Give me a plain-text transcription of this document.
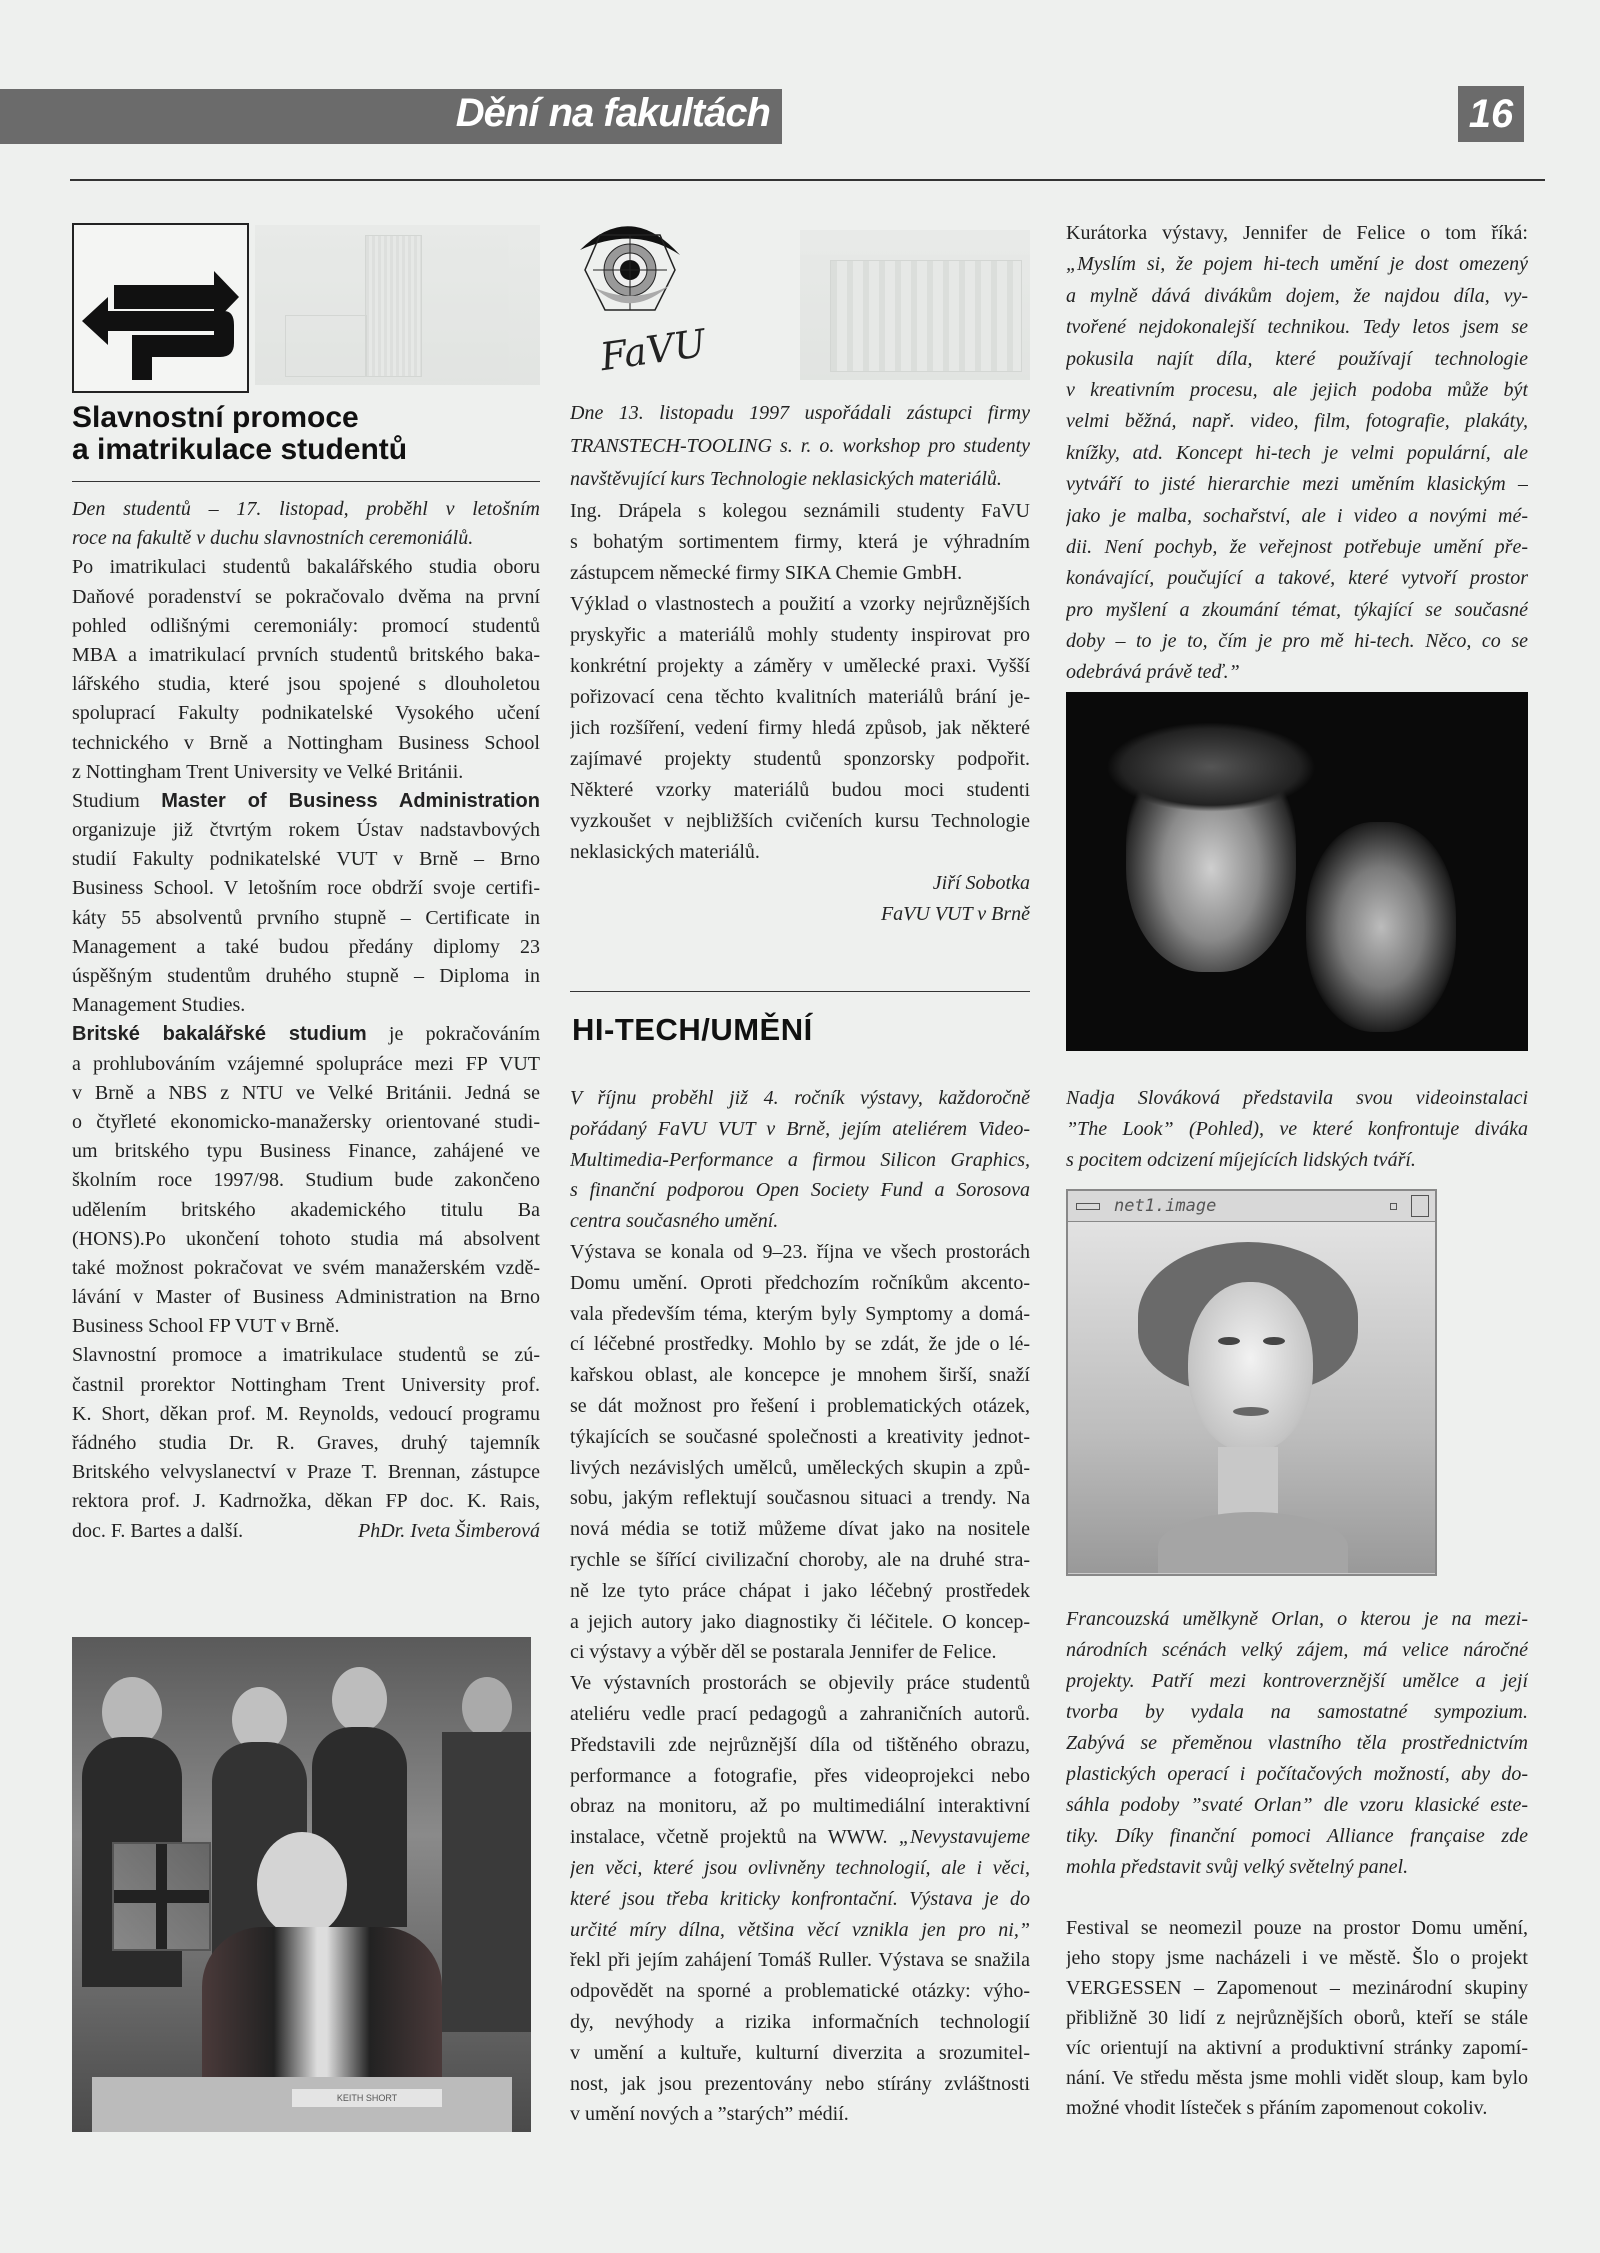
Dění na fakultách	16
Slavnostní promoce
a imatrikulace studentů
Den studentů – 17. listopad, proběhl v letošním
roce na fakultě v duchu slavnostních ceremoniálů.
Po imatrikulaci studentů bakalářského studia oboru
Daňové poradenství se pokračovalo dvěma na první
pohled odlišnými ceremoniály: promocí studentů
MBA a imatrikulací prvních studentů britského baka-
lářského studia, které jsou spojené s dlouholetou
spoluprací Fakulty podnikatelské Vysokého učení
technického v Brně a Nottingham Business School
z Nottingham Trent University ve Velké Británii.
Studium Master of Business Administration
organizuje již čtvrtým rokem Ústav nadstavbových
studií Fakulty podnikatelské VUT v Brně – Brno
Business School. V letošním roce obdrží svoje certifi-
káty 55 absolventů prvního stupně – Certificate in
Management a také budou předány diplomy 23
úspěšným studentům druhého stupně – Diploma in
Management Studies.
Britské bakalářské studium je pokračováním
a prohlubováním vzájemné spolupráce mezi FP VUT
v Brně a NBS z NTU ve Velké Británii. Jedná se
o čtyřleté ekonomicko-manažersky orientované studi-
um britského typu Business Finance, zahájené ve
školním roce 1997/98. Studium bude zakončeno
udělením britského akademického titulu Ba
(HONS).Po ukončení tohoto studia má absolvent
také možnost pokračovat ve svém manažerském vzdě-
lávání v Master of Business Administration na Brno
Business School FP VUT v Brně.
Slavnostní promoce a imatrikulace studentů se zú-
častnil prorektor Nottingham Trent University prof.
K. Short, děkan prof. M. Reynolds, vedoucí programu
řádného studia Dr. R. Graves, druhý tajemník
Britského velvyslanectví v Praze T. Brennan, zástupce
rektora prof. J. Kadrnožka, děkan FP doc. K. Rais,
doc. F. Bartes a další.	PhDr. Iveta Šimberová
KEITH SHORT
FaVU
Dne 13. listopadu 1997 uspořádali zástupci firmy
TRANSTECH-TOOLING s. r. o. workshop pro studenty
navštěvující kurs Technologie neklasických materiálů.
Ing. Drápela s kolegou seznámili studenty FaVU
s bohatým sortimentem firmy, která je výhradním
zástupcem německé firmy SIKA Chemie GmbH.
Výklad o vlastnostech a použití a vzorky nejrůznějších
pryskyřic a materiálů mohly studenty inspirovat pro
konkrétní projekty a záměry v umělecké praxi. Vyšší
pořizovací cena těchto kvalitních materiálů brání je-
jich rozšíření, vedení firmy hledá způsob, jak některé
zajímavé projekty studentů sponzorsky podpořit.
Některé vzorky materiálů budou moci studenti
vyzkoušet v nejbližších cvičeních kursu Technologie
neklasických materiálů.
Jiří Sobotka
FaVU VUT v Brně
HI-TECH/UMĚNÍ
V říjnu proběhl již 4. ročník výstavy, každoročně
pořádaný FaVU VUT v Brně, jejím ateliérem Video-
Multimedia-Performance a firmou Silicon Graphics,
s finanční podporou Open Society Fund a Sorosova
centra současného umění.
Výstava se konala od 9–23. října ve všech prostorách
Domu umění. Oproti předchozím ročníkům akcento-
vala především téma, kterým byly Symptomy a domá-
cí léčebné prostředky. Mohlo by se zdát, že jde o lé-
kařskou oblast, ale koncepce je mnohem širší, snaží
se dát možnost pro řešení i problematických otázek,
týkajících se současné společnosti a kreativity jednot-
livých nezávislých umělců, uměleckých skupin a způ-
sobu, jakým reflektují současnou situaci a trendy. Na
nová média se totiž můžeme dívat jako na nositele
rychle se šířící civilizační choroby, ale na druhé stra-
ně lze tyto práce chápat i jako léčebný prostředek
a jejich autory jako diagnostiky či léčitele. O koncep-
ci výstavy a výběr děl se postarala Jennifer de Felice.
Ve výstavních prostorách se objevily práce studentů
ateliéru vedle prací pedagogů a zahraničních autorů.
Představili zde nejrůznější díla od tištěného obrazu,
performance a fotografie, přes videoprojekci nebo
obraz na monitoru, až po multimediální interaktivní
instalace, včetně projektů na WWW. „Nevystavujeme
jen věci, které jsou ovlivněny technologií, ale i věci,
které jsou třeba kriticky konfrontační. Výstava je do
určité míry dílna, většina věcí vznikla jen pro ni,”
řekl při jejím zahájení Tomáš Ruller. Výstava se snažila
odpovědět na sporné a problematické otázky: výho-
dy, nevýhody a rizika informačních technologií
v umění a kultuře, kulturní diverzita a srozumitel-
nost, jak jsou prezentovány nebo stírány zvláštnosti
v umění nových a ”starých” médií.
Kurátorka výstavy, Jennifer de Felice o tom říká:
„Myslím si, že pojem hi-tech umění je dost omezený
a mylně dává divákům dojem, že najdou díla, vy-
tvořené nejdokonalejší technikou. Tedy letos jsem se
pokusila najít díla, které používají technologie
v kreativním procesu, ale jejich podoba může být
velmi běžná, např. video, film, fotografie, plakáty,
knížky, atd. Koncept hi-tech je velmi populární, ale
vytváří to jisté hierarchie mezi uměním klasickým –
jako je malba, sochařství, ale i video a novými mé-
dii. Není pochyb, že veřejnost potřebuje umění pře-
konávající, poučující a takové, které vytvoří prostor
pro myšlení a zkoumání témat, týkající se současné
doby – to je to, čím je pro mě hi-tech. Něco, co se
odebrává právě teď.”
Nadja Slováková představila svou videoinstalaci
”The Look” (Pohled), ve které konfrontuje diváka
s pocitem odcizení míjejících lidských tváří.
net1.image
Francouzská umělkyně Orlan, o kterou je na mezi-
národních scénách velký zájem, má velice náročné
projekty. Patří mezi kontroverznější umělce a její
tvorba by vydala na samostatné sympozium.
Zabývá se přeměnou vlastního těla prostřednictvím
plastických operací i počítačových možností, aby do-
sáhla podoby ”svaté Orlan” dle vzoru klasické este-
tiky. Díky finanční pomoci Alliance française zde
mohla představit svůj velký světelný panel.
Festival se neomezil pouze na prostor Domu umění,
jeho stopy jsme nacházeli i ve městě. Šlo o projekt
VERGESSEN – Zapomenout – mezinárodní skupiny
přibližně 30 lidí z nejrůznějších oborů, kteří se stále
víc orientují na aktivní a produktivní stránky zapomí-
nání. Ve středu města jsme mohli vidět sloup, kam bylo
možné vhodit lísteček s přáním zapomenout cokoliv.
